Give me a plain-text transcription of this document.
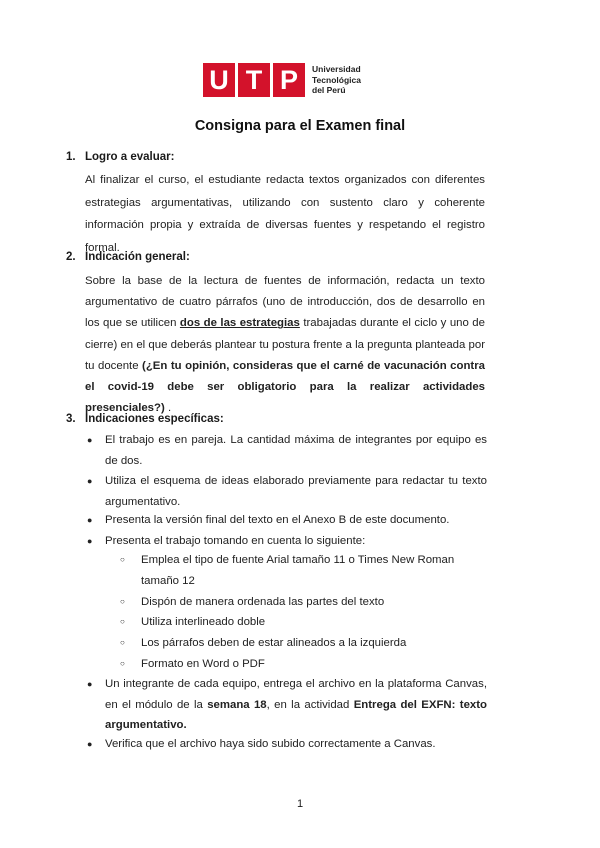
U T P	Universidad
Tecnológica
del Perú
Consigna para el Examen final
1. Logro a evaluar:
Al finalizar el curso, el estudiante redacta textos organizados con diferentes estrategias argumentativas, utilizando con sustento claro y coherente información propia y extraída de diversas fuentes y respetando el registro formal.
2. Indicación general:
Sobre la base de la lectura de fuentes de información, redacta un texto argumentativo de cuatro párrafos (uno de introducción, dos de desarrollo en los que se utilicen dos de las estrategias trabajadas durante el ciclo y uno de cierre) en el que deberás plantear tu postura frente a la pregunta planteada por tu docente (¿En tu opinión, consideras que el carné de vacunación contra el covid-19 debe ser obligatorio para la realizar actividades presenciales?) .
3. Indicaciones específicas:
● El trabajo es en pareja. La cantidad máxima de integrantes por equipo es de dos.
● Utiliza el esquema de ideas elaborado previamente para redactar tu texto argumentativo.
● Presenta la versión final del texto en el Anexo B de este documento.
● Presenta el trabajo tomando en cuenta lo siguiente:
○ Emplea el tipo de fuente Arial tamaño 11 o Times New Roman tamaño 12
○ Dispón de manera ordenada las partes del texto
○ Utiliza interlineado doble
○ Los párrafos deben de estar alineados a la izquierda
○ Formato en Word o PDF
● Un integrante de cada equipo, entrega el archivo en la plataforma Canvas, en el módulo de la semana 18, en la actividad Entrega del EXFN: texto argumentativo.
● Verifica que el archivo haya sido subido correctamente a Canvas.
1
